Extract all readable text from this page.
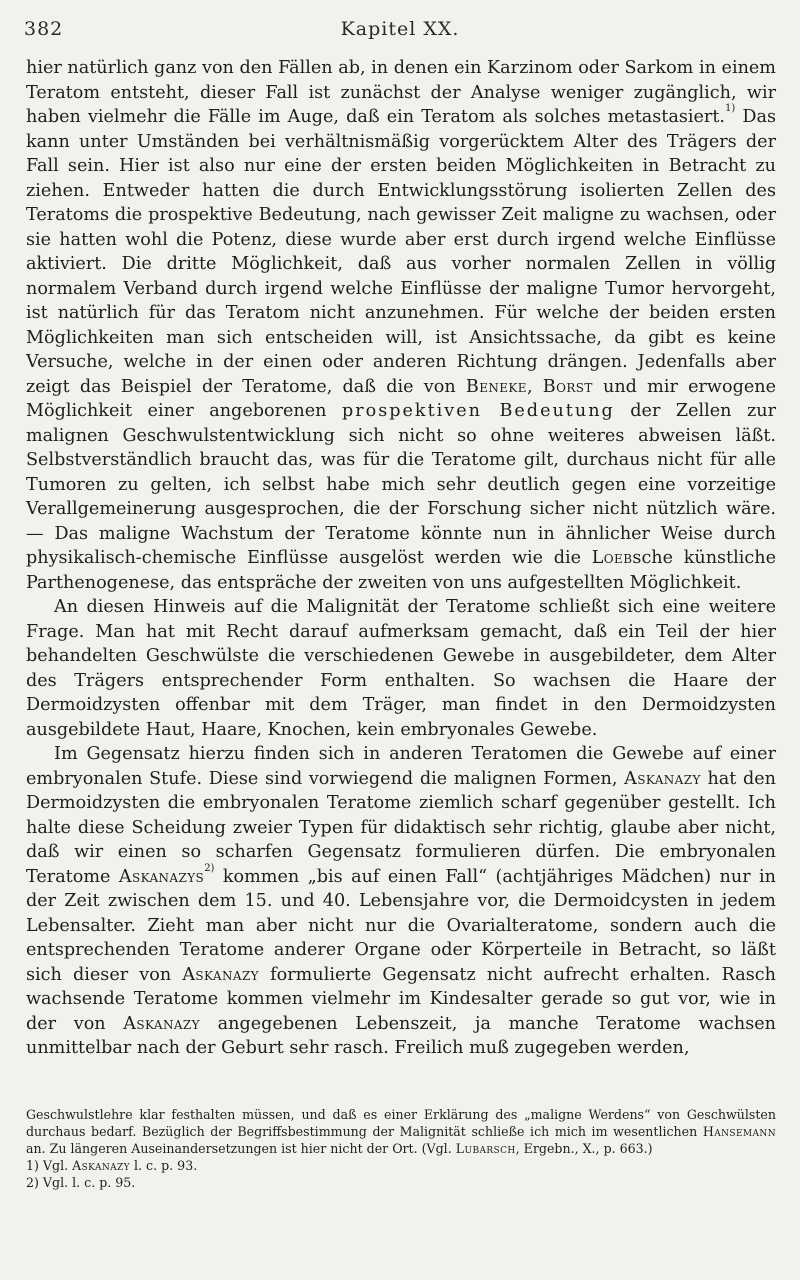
382	Kapitel XX.

hier natürlich ganz von den Fällen ab, in denen ein Karzinom oder Sarkom in einem Teratom entsteht, dieser Fall ist zunächst der Analyse weniger zugänglich, wir haben vielmehr die Fälle im Auge, daß ein Teratom als solches metastasiert.$^{1)}$ Das kann unter Umständen bei verhältnismäßig vorgerücktem Alter des Trägers der Fall sein. Hier ist also nur eine der ersten beiden Möglichkeiten in Betracht zu ziehen. Entweder hatten die durch Entwicklungsstörung isolierten Zellen des Teratoms die prospektive Bedeutung, nach gewisser Zeit maligne zu wachsen, oder sie hatten wohl die Potenz, diese wurde aber erst durch irgend welche Einflüsse aktiviert. Die dritte Möglichkeit, daß aus vorher normalen Zellen in völlig normalem Verband durch irgend welche Einflüsse der maligne Tumor hervorgeht, ist natürlich für das Teratom nicht anzunehmen. Für welche der beiden ersten Möglichkeiten man sich entscheiden will, ist Ansichtssache, da gibt es keine Versuche, welche in der einen oder anderen Richtung drängen. Jedenfalls aber zeigt das Beispiel der Teratome, daß die von Beneke, Borst und mir erwogene Möglichkeit einer angeborenen prospektiven Bedeutung der Zellen zur malignen Geschwulstentwicklung sich nicht so ohne weiteres abweisen läßt. Selbstverständlich braucht das, was für die Teratome gilt, durchaus nicht für alle Tumoren zu gelten, ich selbst habe mich sehr deutlich gegen eine vorzeitige Verallgemeinerung ausgesprochen, die der Forschung sicher nicht nützlich wäre. — Das maligne Wachstum der Teratome könnte nun in ähnlicher Weise durch physikalisch-chemische Einflüsse ausgelöst werden wie die Loebsche künstliche Parthenogenese, das entspräche der zweiten von uns aufgestellten Möglichkeit.

An diesen Hinweis auf die Malignität der Teratome schließt sich eine weitere Frage. Man hat mit Recht darauf aufmerksam gemacht, daß ein Teil der hier behandelten Geschwülste die verschiedenen Gewebe in ausgebildeter, dem Alter des Trägers entsprechender Form enthalten. So wachsen die Haare der Dermoidzysten offenbar mit dem Träger, man findet in den Dermoidzysten ausgebildete Haut, Haare, Knochen, kein embryonales Gewebe.

Im Gegensatz hierzu finden sich in anderen Teratomen die Gewebe auf einer embryonalen Stufe. Diese sind vorwiegend die malignen Formen, Askanazy hat den Dermoidzysten die embryonalen Teratome ziemlich scharf gegenüber gestellt. Ich halte diese Scheidung zweier Typen für didaktisch sehr richtig, glaube aber nicht, daß wir einen so scharfen Gegensatz formulieren dürfen. Die embryonalen Teratome Askanazys$^{2)}$ kommen „bis auf einen Fall“ (achtjähriges Mädchen) nur in der Zeit zwischen dem 15. und 40. Lebensjahre vor, die Dermoidcysten in jedem Lebensalter. Zieht man aber nicht nur die Ovarialteratome, sondern auch die entsprechenden Teratome anderer Organe oder Körperteile in Betracht, so läßt sich dieser von Askanazy formulierte Gegensatz nicht aufrecht erhalten. Rasch wachsende Teratome kommen vielmehr im Kindesalter gerade so gut vor, wie in der von Askanazy angegebenen Lebenszeit, ja manche Teratome wachsen unmittelbar nach der Geburt sehr rasch. Freilich muß zugegeben werden,

Geschwulstlehre klar festhalten müssen, und daß es einer Erklärung des „maligne Werdens“ von Geschwülsten durchaus bedarf. Bezüglich der Begriffsbestimmung der Malignität schließe ich mich im wesentlichen Hansemann an. Zu längeren Auseinandersetzungen ist hier nicht der Ort. (Vgl. Lubarsch, Ergebn., X., p. 663.)

1) Vgl. Askanazy l. c. p. 93.

2) Vgl. l. c. p. 95.
